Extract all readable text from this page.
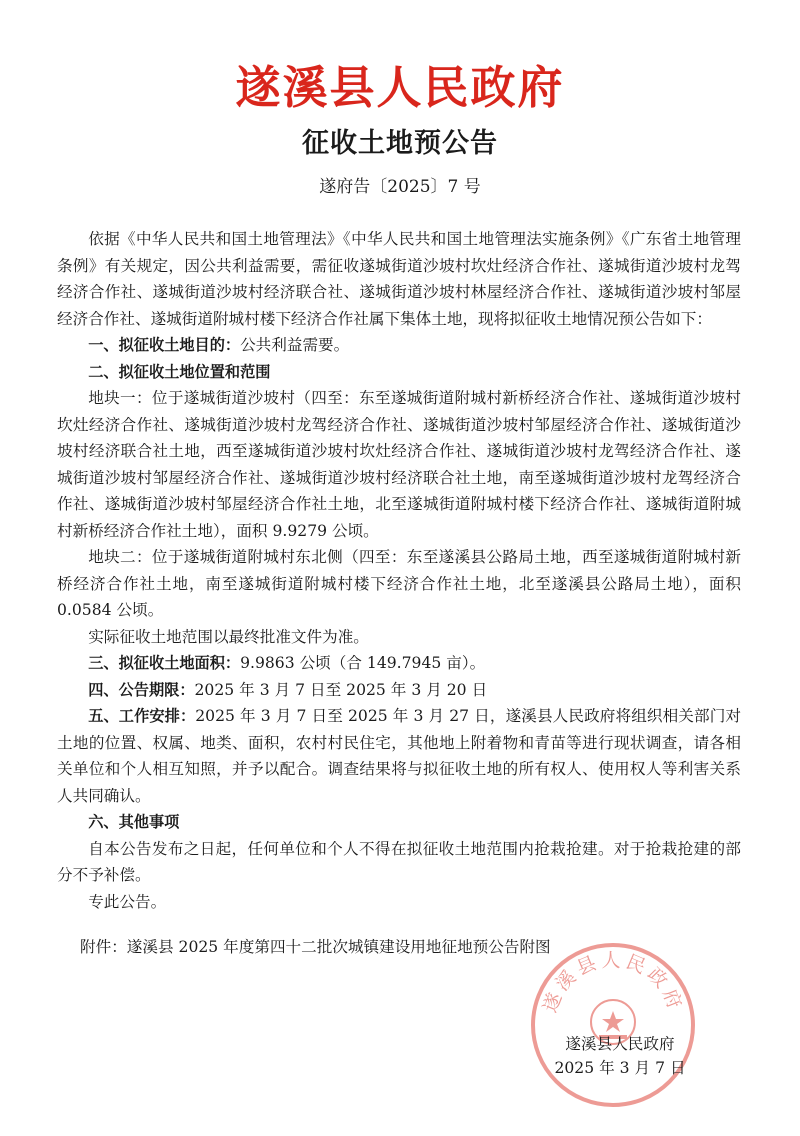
遂溪县人民政府
征收土地预公告
遂府告〔2025〕7 号

依据《中华人民共和国土地管理法》《中华人民共和国土地管理法实施条例》《广东省土地管理条例》有关规定，因公共利益需要，需征收遂城街道沙坡村坎灶经济合作社、遂城街道沙坡村龙驾经济合作社、遂城街道沙坡村经济联合社、遂城街道沙坡村林屋经济合作社、遂城街道沙坡村邹屋经济合作社、遂城街道附城村楼下经济合作社属下集体土地，现将拟征收土地情况预公告如下：

一、拟征收土地目的：公共利益需要。

二、拟征收土地位置和范围

地块一：位于遂城街道沙坡村（四至：东至遂城街道附城村新桥经济合作社、遂城街道沙坡村坎灶经济合作社、遂城街道沙坡村龙驾经济合作社、遂城街道沙坡村邹屋经济合作社、遂城街道沙坡村经济联合社土地，西至遂城街道沙坡村坎灶经济合作社、遂城街道沙坡村龙驾经济合作社、遂城街道沙坡村邹屋经济合作社、遂城街道沙坡村经济联合社土地，南至遂城街道沙坡村龙驾经济合作社、遂城街道沙坡村邹屋经济合作社土地，北至遂城街道附城村楼下经济合作社、遂城街道附城村新桥经济合作社土地），面积 9.9279 公顷。

地块二：位于遂城街道附城村东北侧（四至：东至遂溪县公路局土地，西至遂城街道附城村新桥经济合作社土地，南至遂城街道附城村楼下经济合作社土地，北至遂溪县公路局土地），面积 0.0584 公顷。

实际征收土地范围以最终批准文件为准。

三、拟征收土地面积：9.9863 公顷（合 149.7945 亩）。

四、公告期限：2025 年 3 月 7 日至 2025 年 3 月 20 日

五、工作安排：2025 年 3 月 7 日至 2025 年 3 月 27 日，遂溪县人民政府将组织相关部门对土地的位置、权属、地类、面积，农村村民住宅，其他地上附着物和青苗等进行现状调查，请各相关单位和个人相互知照，并予以配合。调查结果将与拟征收土地的所有权人、使用权人等利害关系人共同确认。

六、其他事项

自本公告发布之日起，任何单位和个人不得在拟征收土地范围内抢栽抢建。对于抢栽抢建的部分不予补偿。

专此公告。

附件：遂溪县 2025 年度第四十二批次城镇建设用地征地预公告附图
遂溪县人民政府
遂溪县人民政府
2025 年 3 月 7 日
